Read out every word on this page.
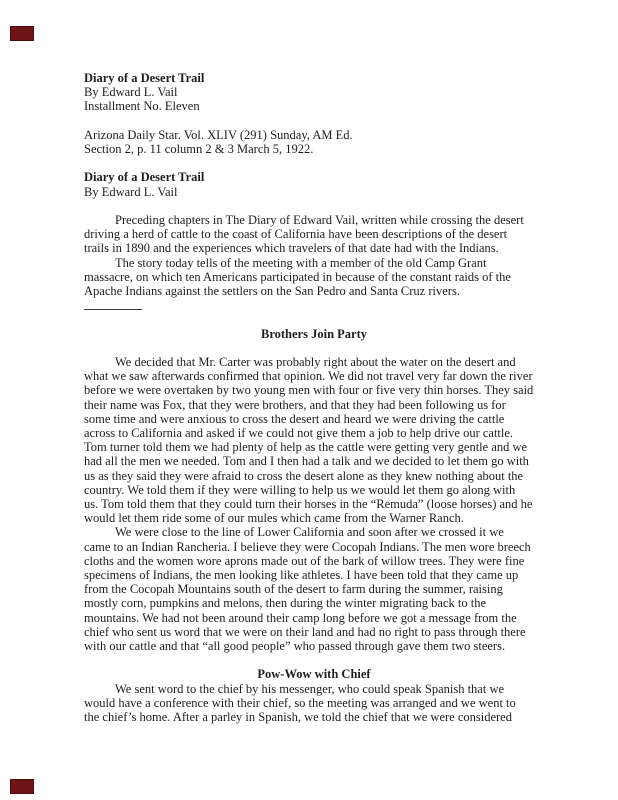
Diary of a Desert Trail
By Edward L. Vail
Installment No. Eleven
Arizona Daily Star. Vol. XLIV (291) Sunday, AM Ed.
Section 2, p. 11 column 2 & 3 March 5, 1922.
Diary of a Desert Trail
By Edward L. Vail
Preceding chapters in The Diary of Edward Vail, written while crossing the desert
driving a herd of cattle to the coast of California have been descriptions of the desert
trails in 1890 and the experiences which travelers of that date had with the Indians.
The story today tells of the meeting with a member of the old Camp Grant
massacre, on which ten Americans participated in because of the constant raids of the
Apache Indians against the settlers on the San Pedro and Santa Cruz rivers.
Brothers Join Party
We decided that Mr. Carter was probably right about the water on the desert and
what we saw afterwards confirmed that opinion. We did not travel very far down the river
before we were overtaken by two young men with four or five very thin horses. They said
their name was Fox, that they were brothers, and that they had been following us for
some time and were anxious to cross the desert and heard we were driving the cattle
across to California and asked if we could not give them a job to help drive our cattle.
Tom turner told them we had plenty of help as the cattle were getting very gentle and we
had all the men we needed. Tom and I then had a talk and we decided to let them go with
us as they said they were afraid to cross the desert alone as they knew nothing about the
country. We told them if they were willing to help us we would let them go along with
us. Tom told them that they could turn their horses in the “Remuda” (loose horses) and he
would let them ride some of our mules which came from the Warner Ranch.
We were close to the line of Lower California and soon after we crossed it we
came to an Indian Rancheria. I believe they were Cocopah Indians. The men wore breech
cloths and the women wore aprons made out of the bark of willow trees. They were fine
specimens of Indians, the men looking like athletes. I have been told that they came up
from the Cocopah Mountains south of the desert to farm during the summer, raising
mostly corn, pumpkins and melons, then during the winter migrating back to the
mountains. We had not been around their camp long before we got a message from the
chief who sent us word that we were on their land and had no right to pass through there
with our cattle and that “all good people” who passed through gave them two steers.
Pow-Wow with Chief
We sent word to the chief by his messenger, who could speak Spanish that we
would have a conference with their chief, so the meeting was arranged and we went to
the chief’s home. After a parley in Spanish, we told the chief that we were considered
